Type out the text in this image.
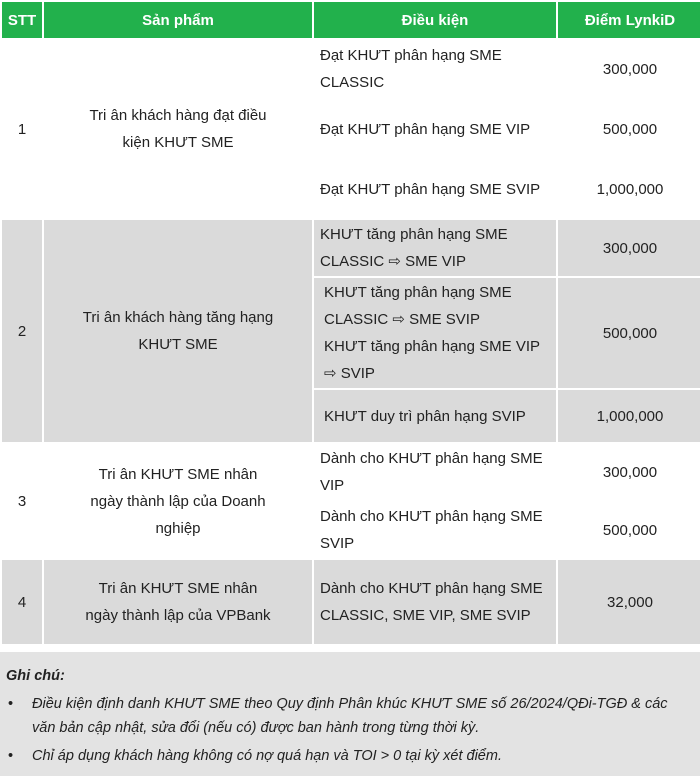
STT	Sản phẩm	Điều kiện	Điểm LynkiD
1	Tri ân khách hàng đạt điều kiện KHƯT SME	Đạt KHƯT phân hạng SME CLASSIC	300,000

		Đạt KHƯT phân hạng SME VIP	500,000

		Đạt KHƯT phân hạng SME SVIP	1,000,000
2	Tri ân khách hàng tăng hạng KHƯT SME	KHƯT tăng phân hạng SME CLASSIC ⇨ SME VIP	300,000

		KHƯT tăng phân hạng SME CLASSIC ⇨ SME SVIP
KHƯT tăng phân hạng SME VIP ⇨ SVIP	500,000

		KHƯT duy trì phân hạng SVIP	1,000,000
3	Tri ân KHƯT SME nhân ngày thành lập của Doanh nghiệp	Dành cho KHƯT phân hạng SME VIP	300,000

		Dành cho KHƯT phân hạng SME SVIP	500,000
4	Tri ân KHƯT SME nhân ngày thành lập của VPBank	Dành cho KHƯT phân hạng SME CLASSIC, SME VIP, SME SVIP	32,000
Ghi chú:
• Điều kiện định danh KHƯT SME theo Quy định Phân khúc KHƯT SME số 26/2024/QĐi-TGĐ & các văn bản cập nhật, sửa đổi (nếu có) được ban hành trong từng thời kỳ.
• Chỉ áp dụng khách hàng không có nợ quá hạn và TOI > 0 tại kỳ xét điểm.
